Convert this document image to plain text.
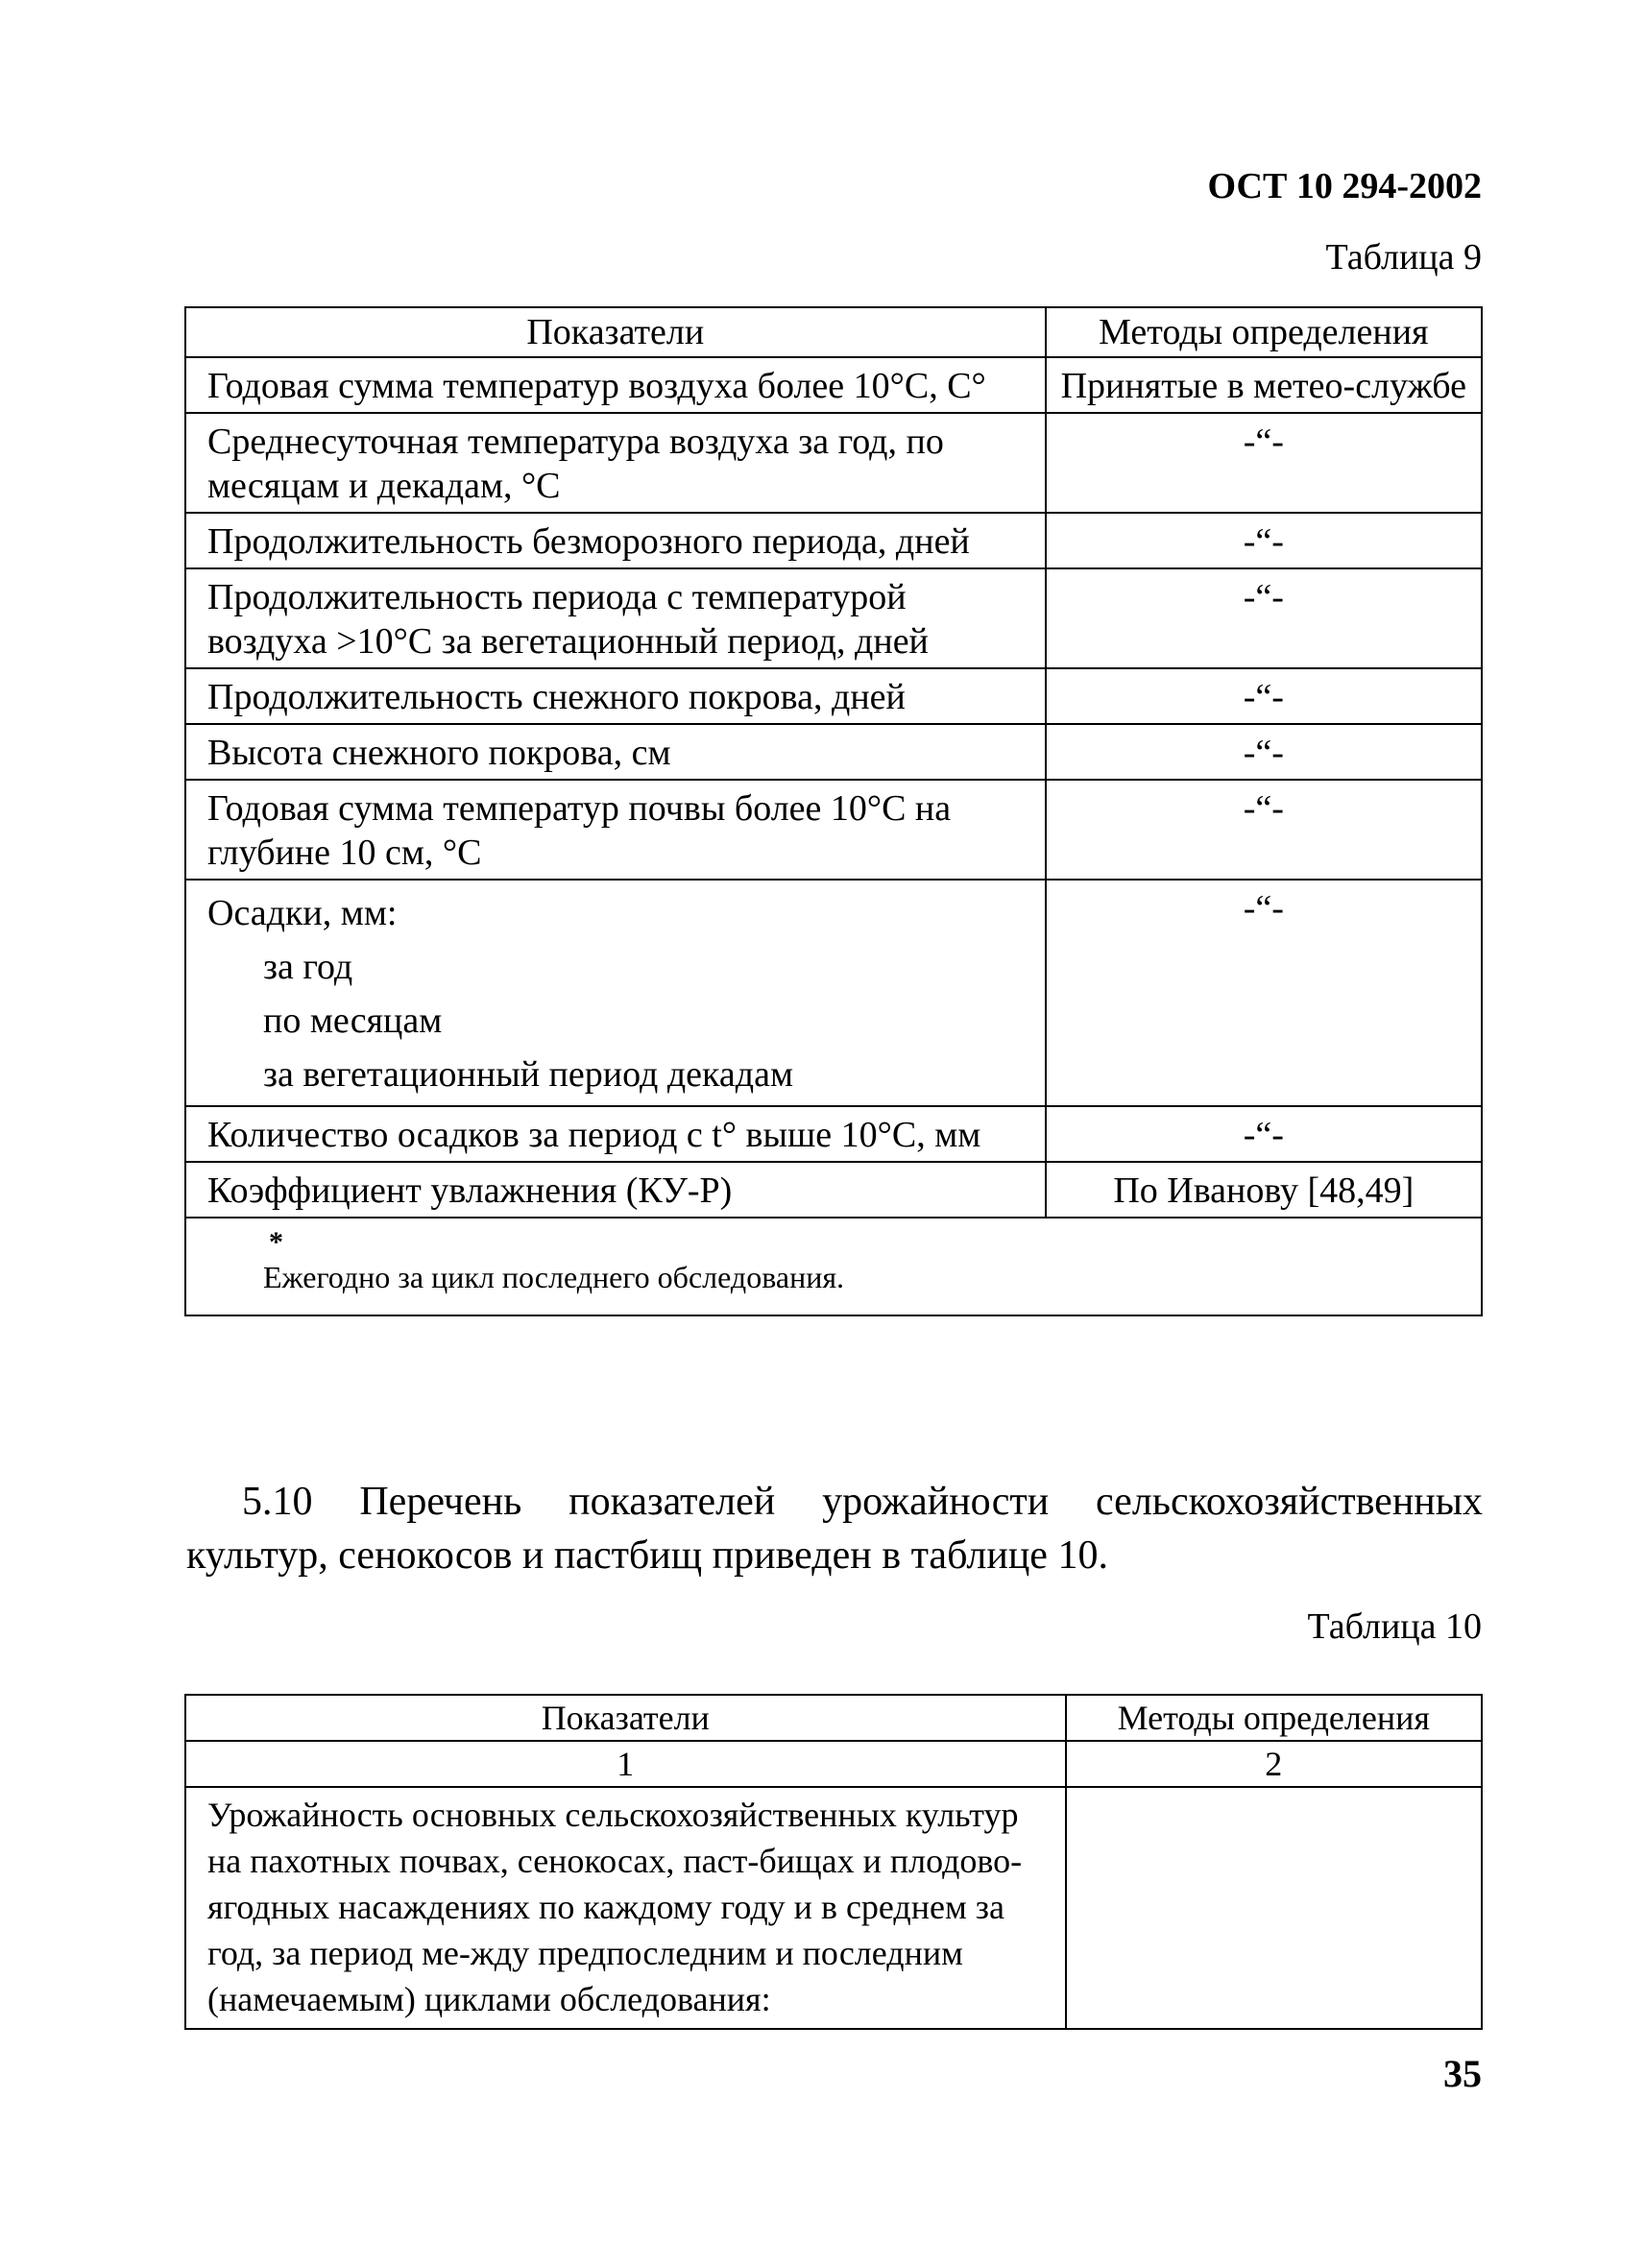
ОСТ 10 294-2002
Таблица 9
Показатели	Методы определения
Годовая сумма температур воздуха более 10°С, С°	Принятые в метео-службе
Среднесуточная температура воздуха за год, по месяцам и декадам, °С	-“-
Продолжительность безморозного периода, дней	-“-
Продолжительность периода с температурой воздуха >10°С за вегетационный период, дней	-“-
Продолжительность снежного покрова, дней	-“-
Высота снежного покрова, см	-“-
Годовая сумма температур почвы более 10°С на глубине 10 см, °С	-“-

Осадки, мм:
за год
по месяцам
за вегетационный период декадам	-“-
Количество осадков за период с t° выше 10°С, мм	-“-
Коэффициент увлажнения (КУ-Р)	По Иванову [48,49]

*
Ежегодно за цикл последнего обследования.	
5.10 Перечень показателей урожайности сельскохозяйственных культур, сенокосов и пастбищ приведен в таблице 10.
Таблица 10
Показатели	Методы определения
1	2
Урожайность основных сельскохозяйственных культур на пахотных почвах, сенокосах, паст-бищах и плодово-ягодных насаждениях по каждому году и в среднем за год, за период ме-жду предпоследним и последним (намечаемым) циклами обследования:	
35
